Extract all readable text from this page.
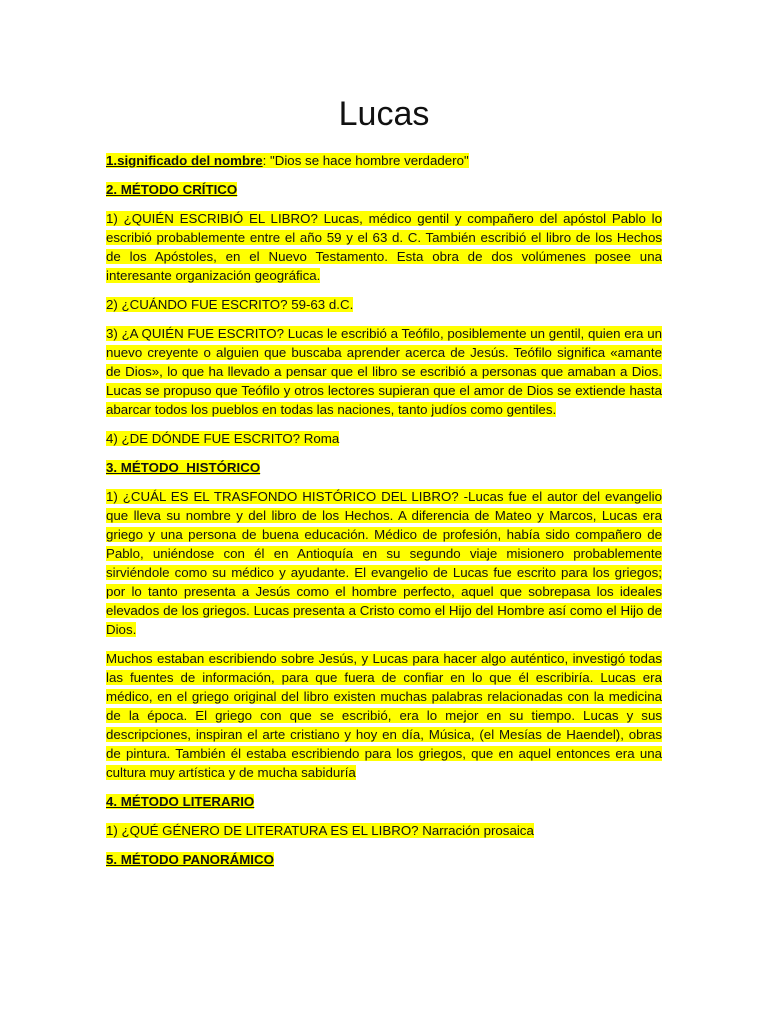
Lucas

1.significado del nombre: "Dios se hace hombre verdadero"

2. MÉTODO CRÍTICO

1) ¿QUIÉN ESCRIBIÓ EL LIBRO? Lucas, médico gentil y compañero del apóstol Pablo lo escribió probablemente entre el año 59 y el 63 d. C. También escribió el libro de los Hechos de los Apóstoles, en el Nuevo Testamento. Esta obra de dos volúmenes posee una interesante organización geográfica.

2) ¿CUÁNDO FUE ESCRITO? 59-63 d.C.

3) ¿A QUIÉN FUE ESCRITO? Lucas le escribió a Teófilo, posiblemente un gentil, quien era un nuevo creyente o alguien que buscaba aprender acerca de Jesús. Teófilo significa «amante de Dios», lo que ha llevado a pensar que el libro se escribió a personas que amaban a Dios. Lucas se propuso que Teófilo y otros lectores supieran que el amor de Dios se extiende hasta abarcar todos los pueblos en todas las naciones, tanto judíos como gentiles.

4) ¿DE DÓNDE FUE ESCRITO? Roma

3. MÉTODO  HISTÓRICO

1) ¿CUÁL ES EL TRASFONDO HISTÓRICO DEL LIBRO? -Lucas fue el autor del evangelio que lleva su nombre y del libro de los Hechos. A diferencia de Mateo y Marcos, Lucas era griego y una persona de buena educación. Médico de profesión, había sido compañero de Pablo, uniéndose con él en Antioquía en su segundo viaje misionero probablemente sirviéndole como su médico y ayudante. El evangelio de Lucas fue escrito para los griegos; por lo tanto presenta a Jesús como el hombre perfecto, aquel que sobrepasa los ideales elevados de los griegos. Lucas presenta a Cristo como el Hijo del Hombre así como el Hijo de Dios.

Muchos estaban escribiendo sobre Jesús, y Lucas para hacer algo auténtico, investigó todas las fuentes de información, para que fuera de confiar en lo que él escribiría. Lucas era médico, en el griego original del libro existen muchas palabras relacionadas con la medicina de la época. El griego con que se escribió, era lo mejor en su tiempo. Lucas y sus descripciones, inspiran el arte cristiano y hoy en día, Música, (el Mesías de Haendel), obras de pintura. También él estaba escribiendo para los griegos, que en aquel entonces era una cultura muy artística y de mucha sabiduría

4. MÉTODO LITERARIO

1) ¿QUÉ GÉNERO DE LITERATURA ES EL LIBRO? Narración prosaica

5. MÉTODO PANORÁMICO
